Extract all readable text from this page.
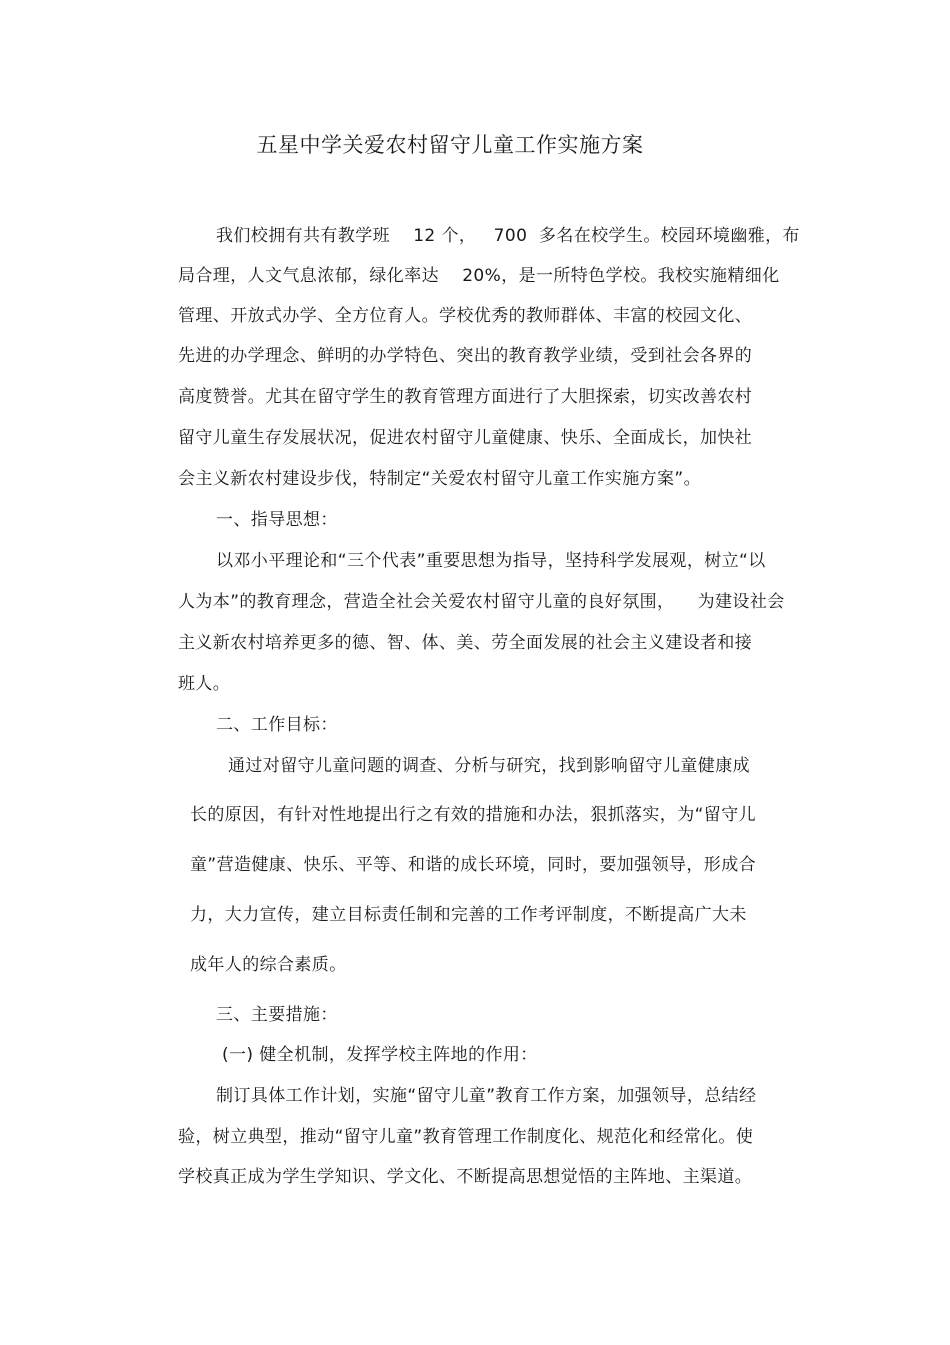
五星中学关爱农村留守儿童工作实施方案
我们校拥有共有教学班    12 个，   700  多名在校学生。校园环境幽雅，布
局合理，人文气息浓郁，绿化率达    20%，是一所特色学校。我校实施精细化
管理、开放式办学、全方位育人。学校优秀的教师群体、丰富的校园文化、
先进的办学理念、鲜明的办学特色、突出的教育教学业绩，受到社会各界的
高度赞誉。尤其在留守学生的教育管理方面进行了大胆探索，切实改善农村
留守儿童生存发展状况，促进农村留守儿童健康、快乐、全面成长，加快社
会主义新农村建设步伐，特制定“关爱农村留守儿童工作实施方案”。
一、指导思想：
以邓小平理论和“三个代表”重要思想为指导，坚持科学发展观，树立“以
人为本”的教育理念，营造全社会关爱农村留守儿童的良好氛围，    为建设社会
主义新农村培养更多的德、智、体、美、劳全面发展的社会主义建设者和接
班人。
二、工作目标：
通过对留守儿童问题的调查、分析与研究，找到影响留守儿童健康成
长的原因，有针对性地提出行之有效的措施和办法，狠抓落实，为“留守儿
童”营造健康、快乐、平等、和谐的成长环境，同时，要加强领导，形成合
力，大力宣传，建立目标责任制和完善的工作考评制度，不断提高广大未
成年人的综合素质。
三、主要措施：
(一) 健全机制，发挥学校主阵地的作用：
制订具体工作计划，实施“留守儿童”教育工作方案，加强领导，总结经
验，树立典型，推动“留守儿童”教育管理工作制度化、规范化和经常化。使
学校真正成为学生学知识、学文化、不断提高思想觉悟的主阵地、主渠道。
